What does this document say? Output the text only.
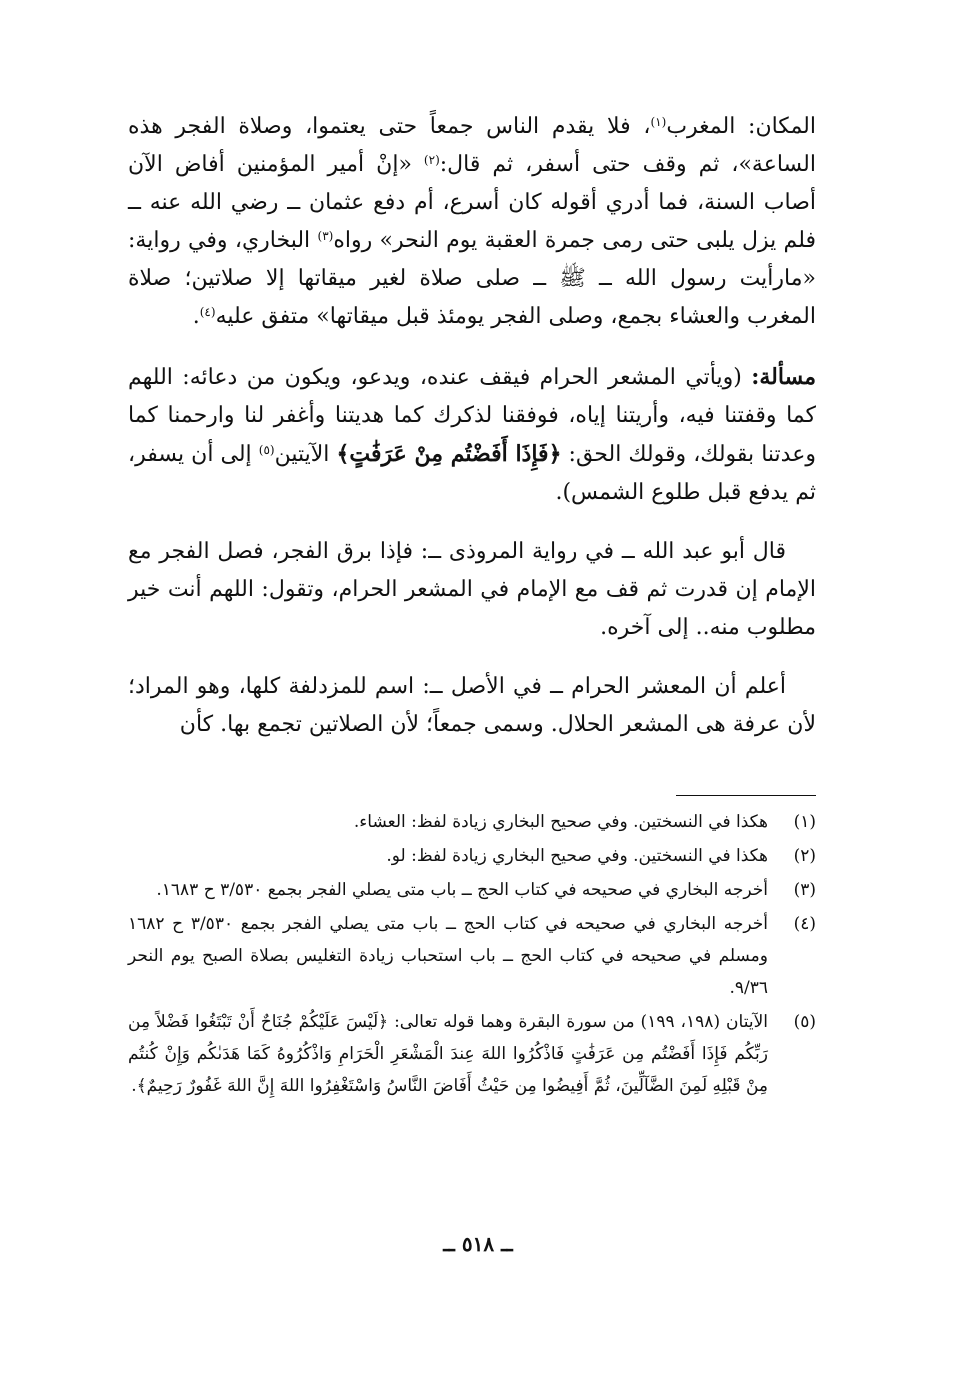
المكان: المغرب$^{(١)}$، فلا يقدم الناس جمعاً حتى يعتموا، وصلاة الفجر هذه الساعة»، ثم وقف حتى أسفر، ثم قال:$^{(٢)}$ «إنْ أمير المؤمنين أفاض الآن أصاب السنة، فما أدري أقوله كان أسرع، أم دفع عثمان ــ رضي الله عنه ــ فلم يزل يلبى حتى رمى جمرة العقبة يوم النحر» رواه$^{(٣)}$ البخاري، وفي رواية: «مارأيت رسول الله ــ ﷺ ــ صلى صلاة لغير ميقاتها إلا صلاتين؛ صلاة المغرب والعشاء بجمع، وصلى الفجر يومئذ قبل ميقاتها» متفق عليه$^{(٤)}$.

مسألة: (ويأتي المشعر الحرام فيقف عنده، ويدعو، ويكون من دعائه: اللهم كما وقفتنا فيه، وأريتنا إياه، فوفقنا لذكرك كما هديتنا وأغفر لنا وارحمنا كما وعدتنا بقولك، وقولك الحق: ﴿فَإِذَا أَفَضْتُم مِنْ عَرَفَٰتٍ﴾ الآيتين$^{(٥)}$ إلى أن يسفر، ثم يدفع قبل طلوع الشمس).

قال أبو عبد الله ــ في رواية المروذى ــ: فإذا برق الفجر، فصل الفجر مع الإمام إن قدرت ثم قف مع الإمام في المشعر الحرام، وتقول: اللهم أنت خير مطلوب منه.. إلى آخره.

أعلم أن المعشر الحرام ــ في الأصل ــ: اسم للمزدلفة كلها، وهو المراد؛ لأن عرفة هى المشعر الحلال. وسمى جمعاً؛ لأن الصلاتين تجمع بها. كأن

(١)
هكذا في النسختين. وفي صحيح البخاري زيادة لفظ: العشاء.
(٢)
هكذا في النسختين. وفي صحيح البخاري زيادة لفظ: لو.
(٣)
أخرجه البخاري في صحيحه في كتاب الحج ــ باب متى يصلي الفجر بجمع ٣/٥٣٠ ح ١٦٨٣.
(٤)
أخرجه البخاري في صحيحه في كتاب الحج ــ باب متى يصلي الفجر بجمع ٣/٥٣٠ ح ١٦٨٢ ومسلم في صحيحه في كتاب الحج ــ باب استحباب زيادة التغليس بصلاة الصبح يوم النحر ٩/٣٦.
(٥)
الآيتان (١٩٨، ١٩٩) من سورة البقرة وهما قوله تعالى: ﴿لَيْسَ عَلَيْكُمْ جُنَاحٌ أَنْ تَبْتَغُوا فَضْلاً مِن رَبِّكُم فَإِذَا أَفَضْتُم مِن عَرَفَٰتٍ فَاذْكُرُوا اللهَ عِندَ الْمَشْعَرِ الْحَرَامِ وَاذْكُرُوهُ كَمَا هَدَىٰكُم وَإِنْ كُنتُم مِنْ قَبْلِهِ لَمِنَ الضَّآلِّينَ، ثُمَّ أَفِيضُوا مِن حَيْثُ أَفَاضَ النَّاسُ وَاسْتَغْفِرُوا اللهَ إِنَّ اللهَ غَفُورٌ رَحِيمٌ﴾.
ــ ٥١٨ ــ
